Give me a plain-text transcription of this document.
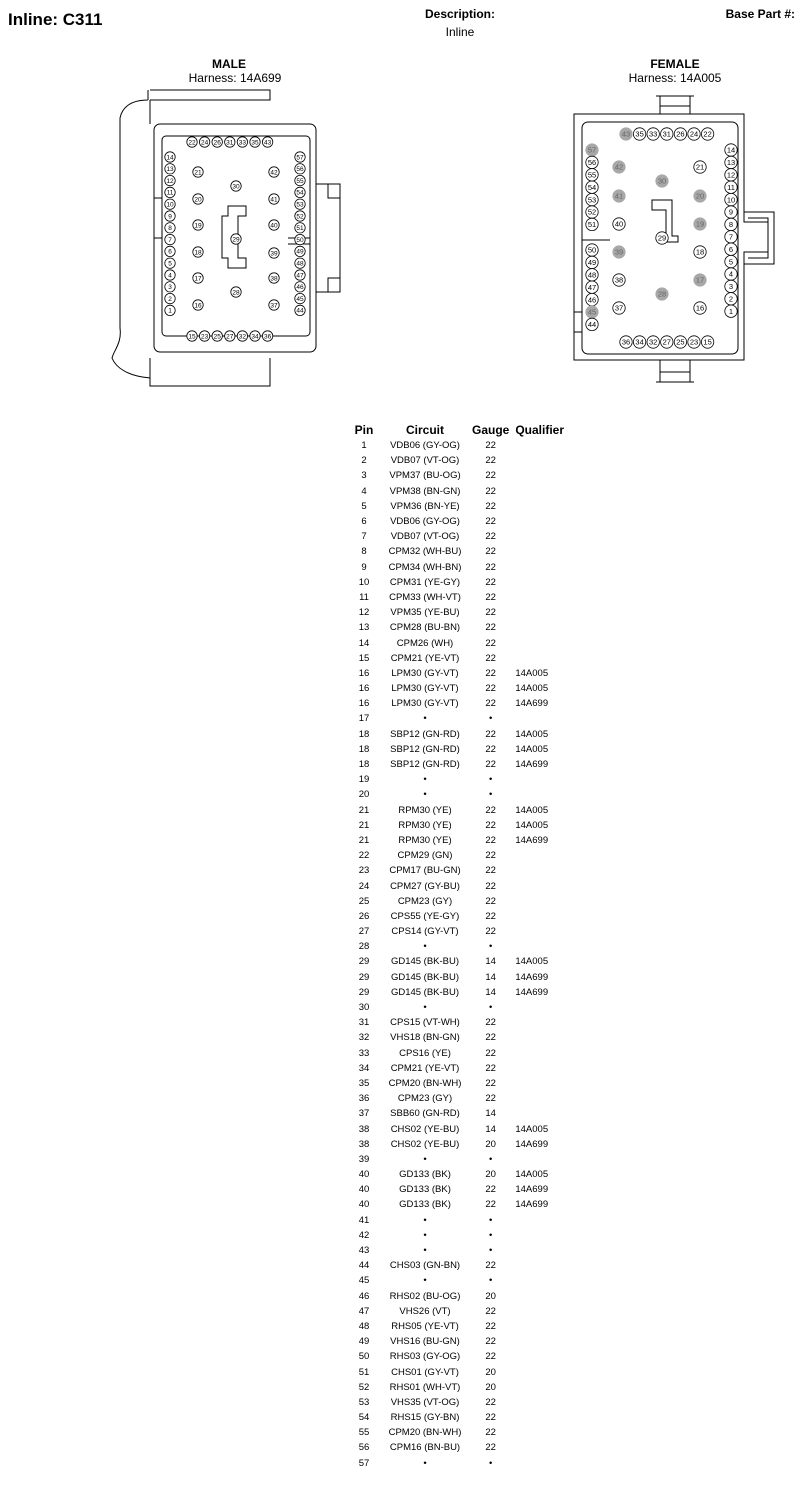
Inline: C311	Description:
Inline
Base Part #:
MALE
Harness: 14A699
FEMALE
Harness: 14A005
22 24 26 31 33 35 43
15 23 25 27 32 34 36
14
13
12
11
10
9
8
7
6
5
4
3
2
1
57
56
55
54
53
52
51
50
49
48
47
46
45
44
21	42
30
20	41
19	40
29
18	39
17	38
28
16	37
43 35 33 31 26 24 22
36 34 32 27 25 23 15
57
56
55
54
53
52
51
50
49
48
47
46
45
44
14
13
12
11
10
9
8
7
6
5
4
3
2
1
42	21
30
41	20
40	19
29
39	18
38	17
28
37	16
Pin	Circuit	Gauge	Qualifier
1	VDB06 (GY-OG)	22	
2	VDB07 (VT-OG)	22	
3	VPM37 (BU-OG)	22	
4	VPM38 (BN-GN)	22	
5	VPM36 (BN-YE)	22	
6	VDB06 (GY-OG)	22	
7	VDB07 (VT-OG)	22	
8	CPM32 (WH-BU)	22	
9	CPM34 (WH-BN)	22	
10	CPM31 (YE-GY)	22	
11	CPM33 (WH-VT)	22	
12	VPM35 (YE-BU)	22	
13	CPM28 (BU-BN)	22	
14	CPM26 (WH)	22	
15	CPM21 (YE-VT)	22	
16	LPM30 (GY-VT)	22	14A005
16	LPM30 (GY-VT)	22	14A005
16	LPM30 (GY-VT)	22	14A699
17	•	•	
18	SBP12 (GN-RD)	22	14A005
18	SBP12 (GN-RD)	22	14A005
18	SBP12 (GN-RD)	22	14A699
19	•	•	
20	•	•	
21	RPM30 (YE)	22	14A005
21	RPM30 (YE)	22	14A005
21	RPM30 (YE)	22	14A699
22	CPM29 (GN)	22	
23	CPM17 (BU-GN)	22	
24	CPM27 (GY-BU)	22	
25	CPM23 (GY)	22	
26	CPS55 (YE-GY)	22	
27	CPS14 (GY-VT)	22	
28	•	•	
29	GD145 (BK-BU)	14	14A005
29	GD145 (BK-BU)	14	14A699
29	GD145 (BK-BU)	14	14A699
30	•	•	
31	CPS15 (VT-WH)	22	
32	VHS18 (BN-GN)	22	
33	CPS16 (YE)	22	
34	CPM21 (YE-VT)	22	
35	CPM20 (BN-WH)	22	
36	CPM23 (GY)	22	
37	SBB60 (GN-RD)	14	
38	CHS02 (YE-BU)	14	14A005
38	CHS02 (YE-BU)	20	14A699
39	•	•	
40	GD133 (BK)	20	14A005
40	GD133 (BK)	22	14A699
40	GD133 (BK)	22	14A699
41	•	•	
42	•	•	
43	•	•	
44	CHS03 (GN-BN)	22	
45	•	•	
46	RHS02 (BU-OG)	20	
47	VHS26 (VT)	22	
48	RHS05 (YE-VT)	22	
49	VHS16 (BU-GN)	22	
50	RHS03 (GY-OG)	22	
51	CHS01 (GY-VT)	20	
52	RHS01 (WH-VT)	20	
53	VHS35 (VT-OG)	22	
54	RHS15 (GY-BN)	22	
55	CPM20 (BN-WH)	22	
56	CPM16 (BN-BU)	22	
57	•	•	
